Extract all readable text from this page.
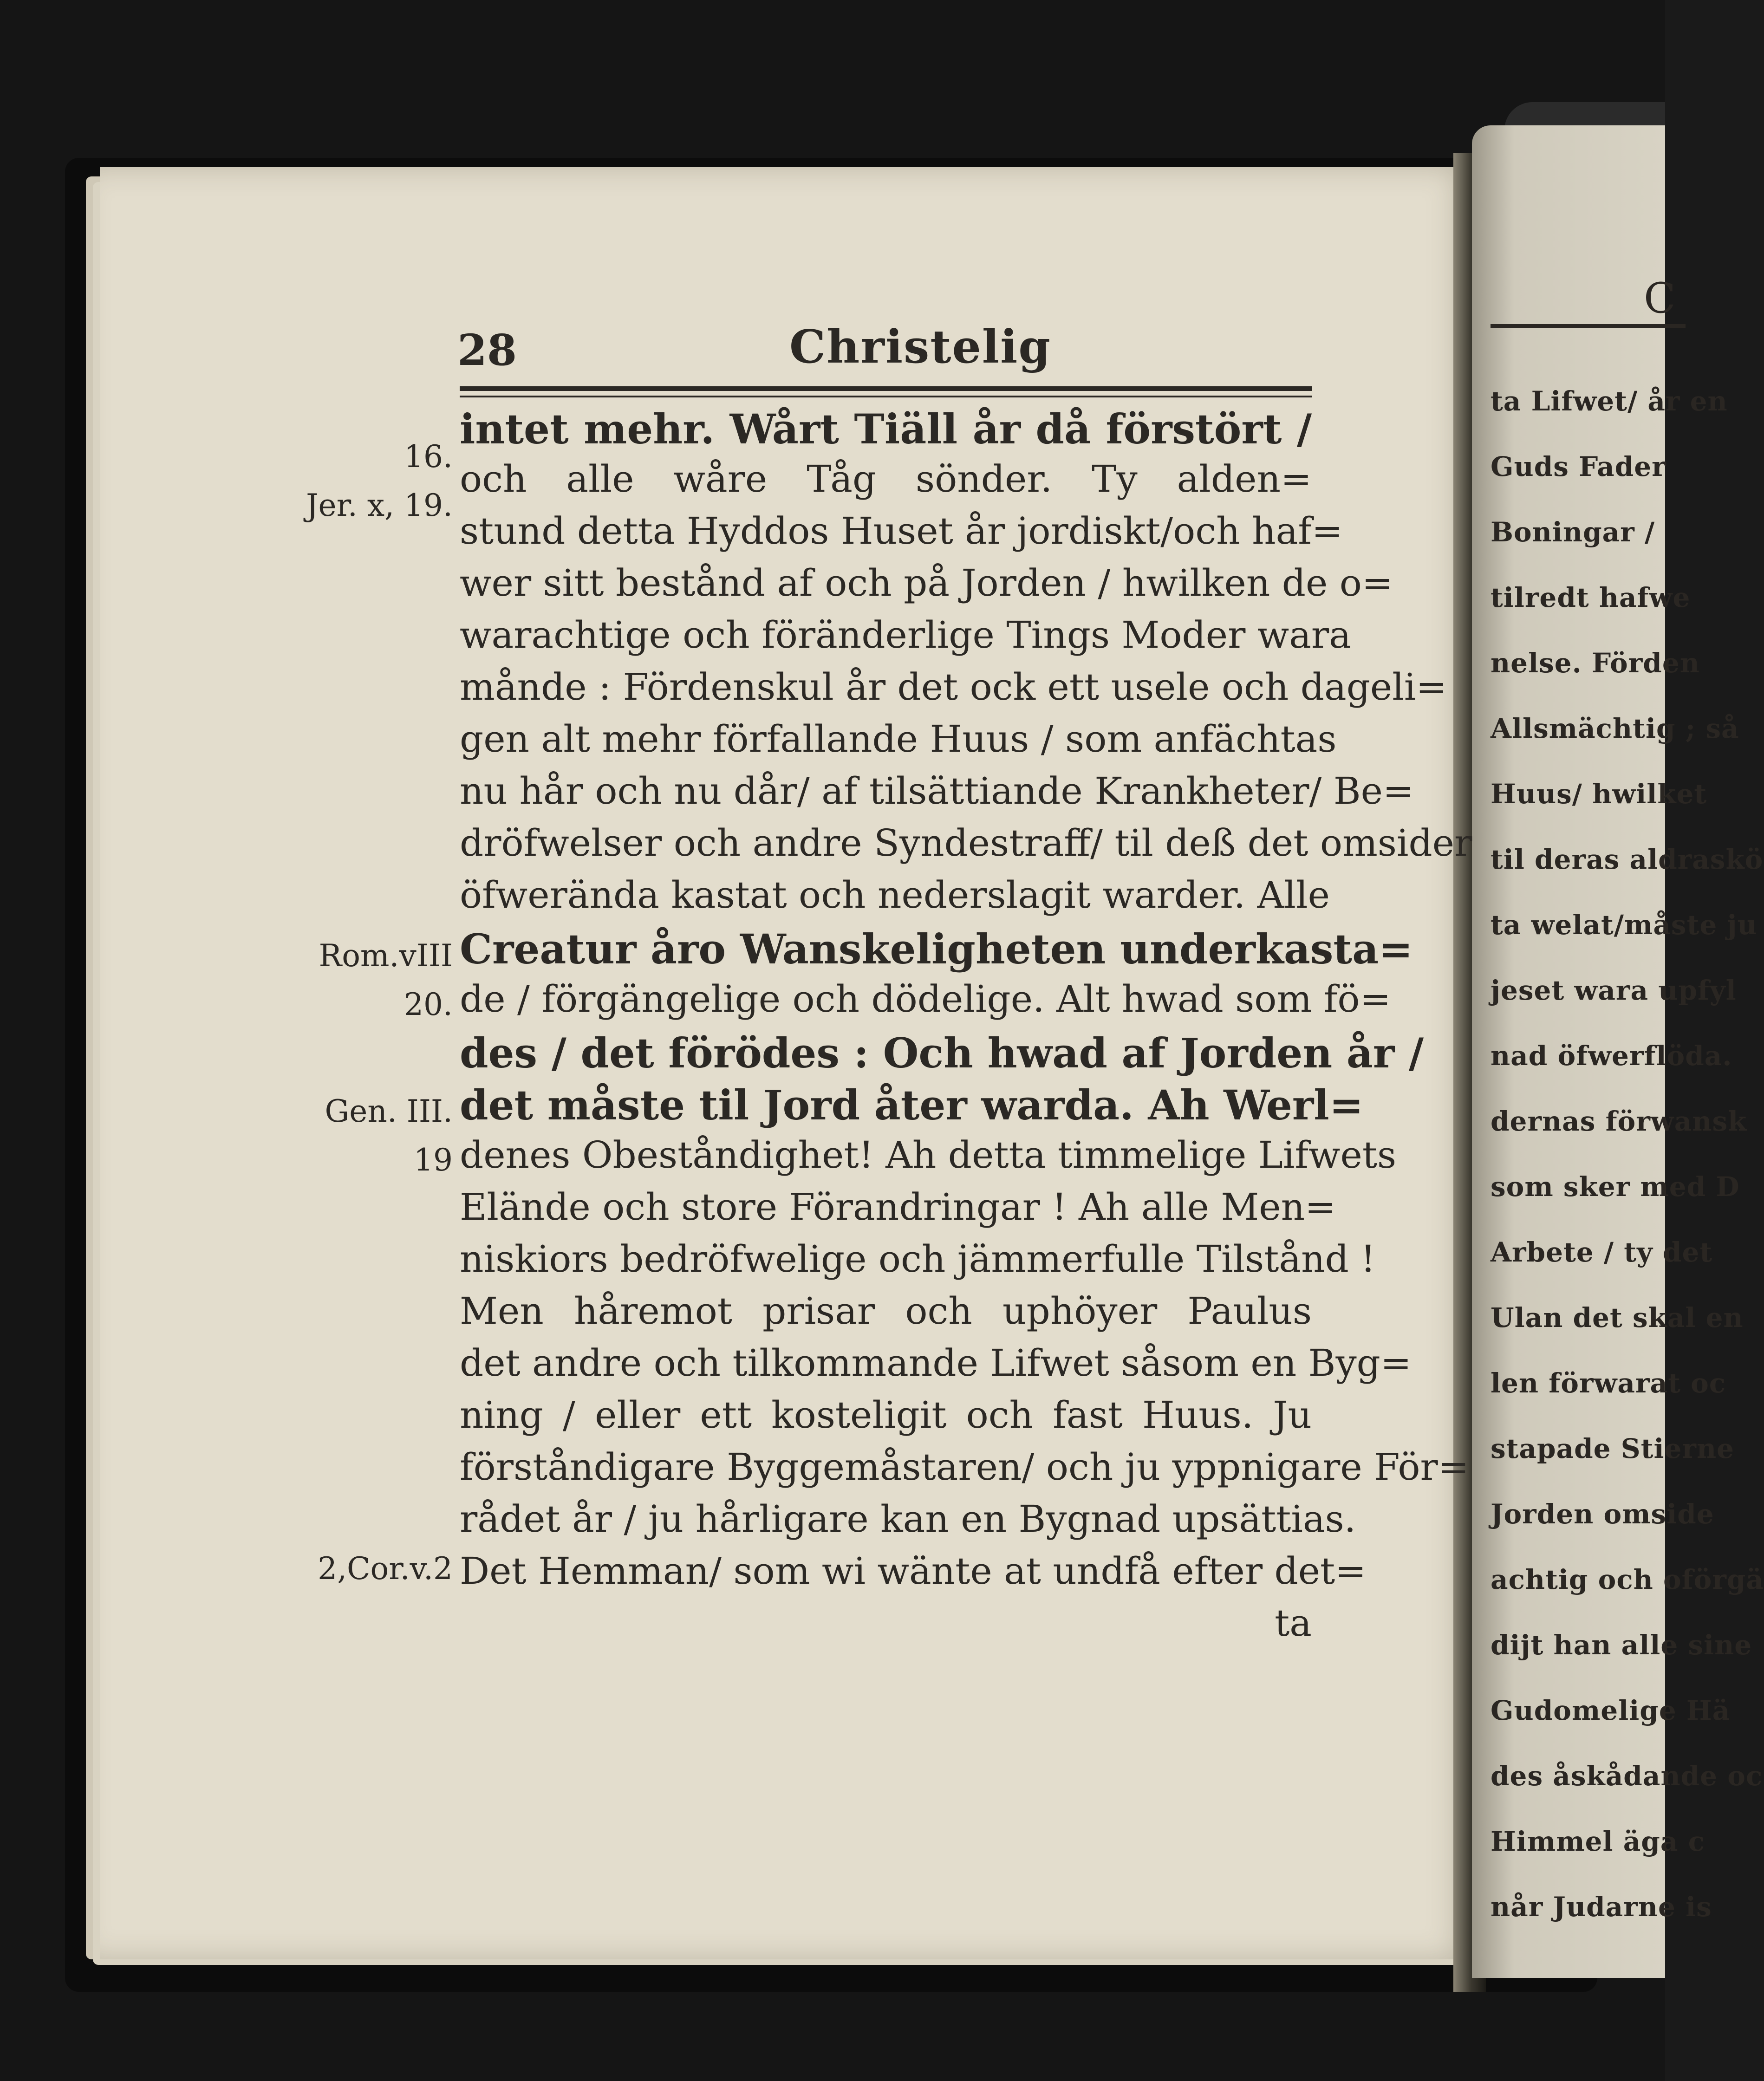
C
ta Lifwet/ år en
Guds Fader
Boningar /
tilredt hafwe
nelse. Förden
Allsmächtig ; så
Huus/ hwilket
til deras aldraskö
ta welat/måste ju
jeset wara upfyl
nad öfwerflöda.
dernas förwansk
som sker med D
Arbete / ty det
Ulan det skal en
len förwarat oc
stapade Stierne
Jorden omside
achtig och oförgä
dijt han alle sine
Gudomelige Hä
des åskådande oc
Himmel äga c
når Judarne is
28	Christelig
intet mehr. Wårt Tiäll år då förstört /
och alle wåre Tåg sönder. Ty alden=
stund detta Hyddos Huset år jordiskt/och haf=
wer sitt bestånd af och på Jorden / hwilken de o=
warachtige och föränderlige Tings Moder wara
månde : Fördenskul år det ock ett usele och dageli=
gen alt mehr förfallande Huus / som anfächtas
nu hår och nu dår/ af tilsättiande Krankheter/ Be=
dröfwelser och andre Syndestraff/ til deß det omsider
öfwerända kastat och nederslagit warder. Alle
Creatur åro Wanskeligheten underkasta=
de / förgängelige och dödelige. Alt hwad som fö=
des / det förödes : Och hwad af Jorden år /
det måste til Jord åter warda. Ah Werl=
denes Obeståndighet! Ah detta timmelige Lifwets
Elände och store Förandringar ! Ah alle Men=
niskiors bedröfwelige och jämmerfulle Tilstånd !
Men håremot prisar och uphöyer Paulus
det andre och tilkommande Lifwet såsom en Byg=
ning / eller ett kosteligit och fast Huus. Ju
förståndigare Byggemåstaren/ och ju yppnigare För=
rådet år / ju hårligare kan en Bygnad upsättias.
Det Hemman/ som wi wänte at undfå efter det=
ta
16.
Jer. x, 19.
Rom.vIII
20.
Gen. III.
19
2,Cor.v.2
